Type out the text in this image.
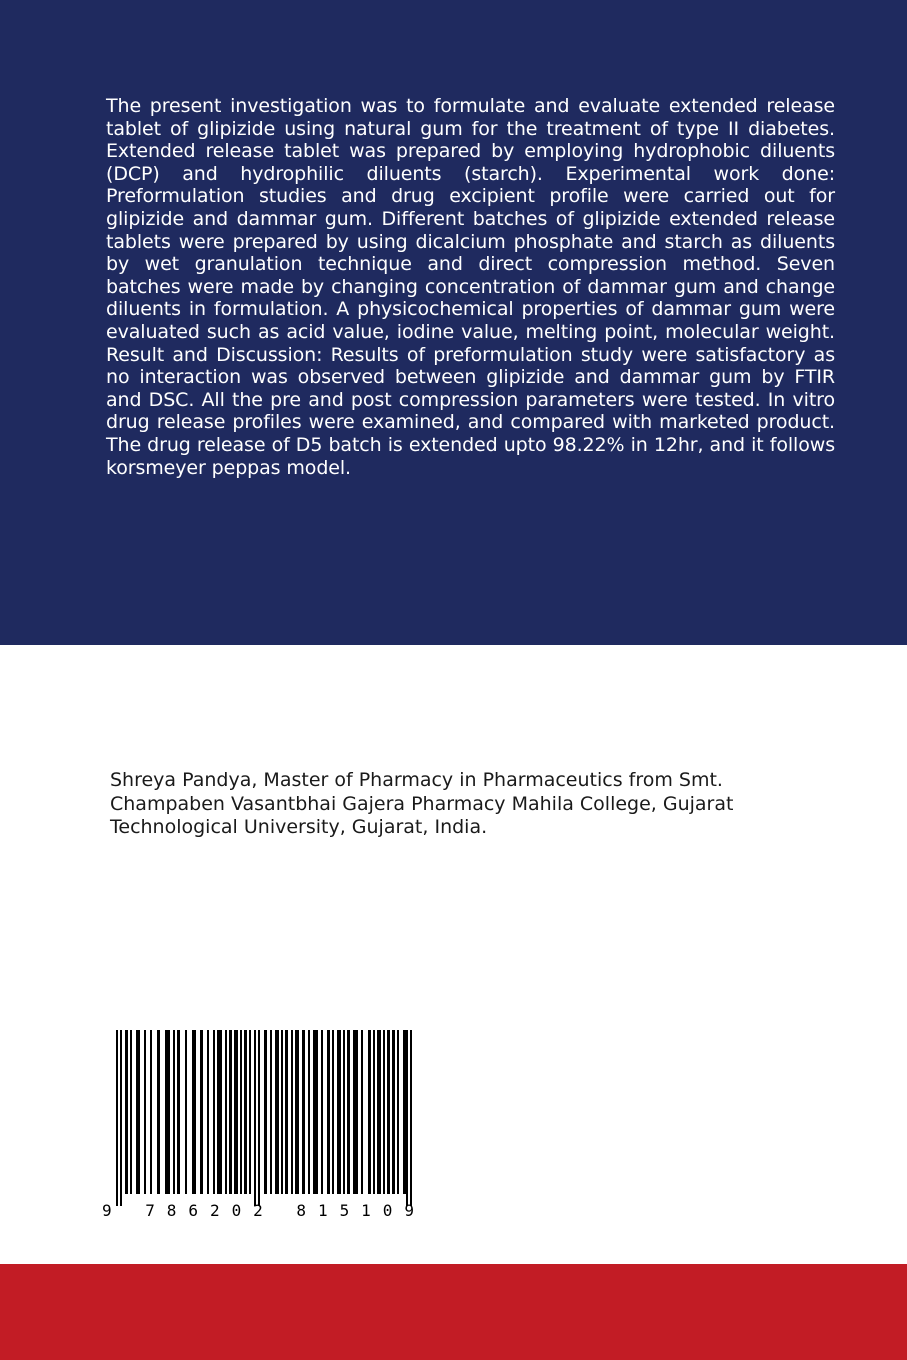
The present investigation was to formulate and evaluate extended release tablet of glipizide using natural gum for the treatment of type II diabetes. Extended release tablet was prepared by employing hydrophobic diluents (DCP) and hydrophilic diluents (starch). Experimental work done: Preformulation studies and drug excipient profile were carried out for glipizide and dammar gum. Different batches of glipizide extended release tablets were prepared by using dicalcium phosphate and starch as diluents by wet granulation technique and direct compression method. Seven batches were made by changing concentration of dammar gum and change diluents in formulation. A physicochemical properties of dammar gum were evaluated such as acid value, iodine value, melting point, molecular weight. Result and Discussion: Results of preformulation study were satisfactory as no interaction was observed between glipizide and dammar gum by FTIR and DSC. All the pre and post compression parameters were tested. In vitro drug release profiles were examined, and compared with marketed product. The drug release of D5 batch is extended upto 98.22% in 12hr, and it follows korsmeyer peppas model.

Shreya Pandya, Master of Pharmacy in Pharmaceutics from Smt. Champaben Vasantbhai Gajera Pharmacy Mahila College, Gujarat Technological University, Gujarat, India.

9 786202 815109
